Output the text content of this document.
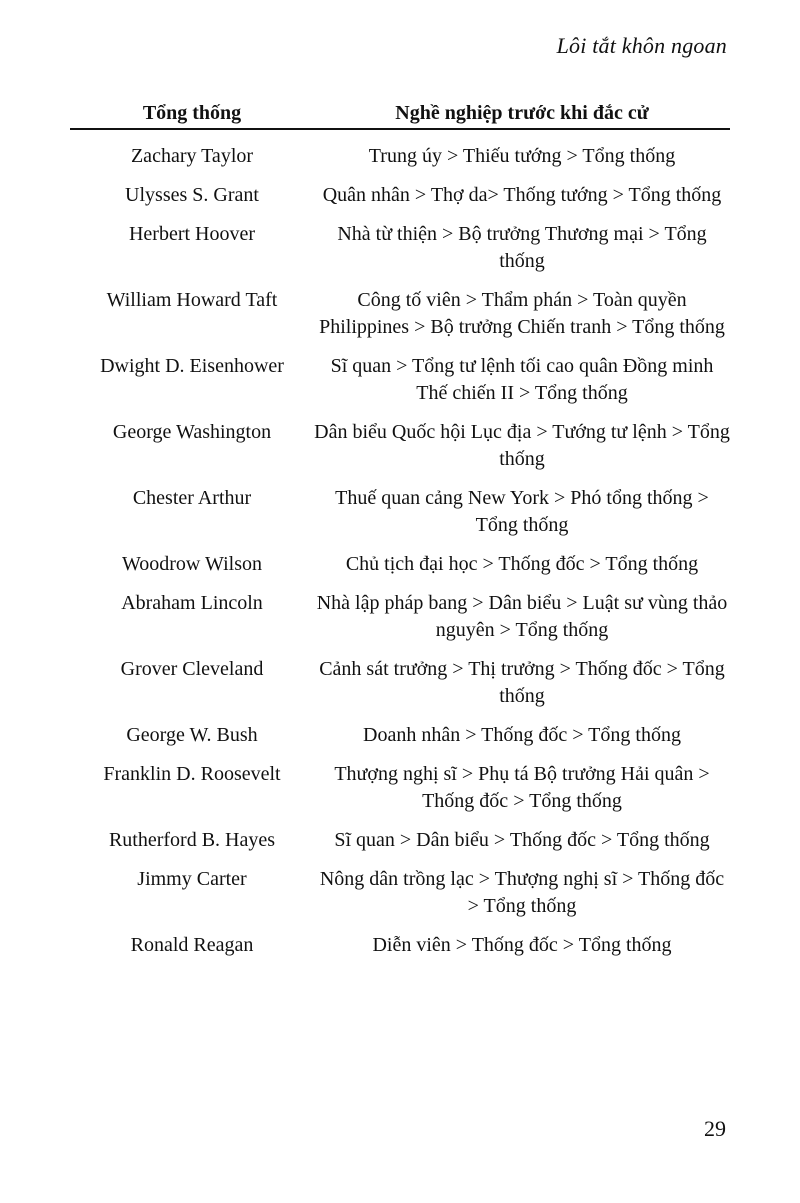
Lôi tắt khôn ngoan
Tổng thống	Nghề nghiệp trước khi đắc cử
Zachary Taylor	Trung úy > Thiếu tướng > Tổng thống
Ulysses S. Grant	Quân nhân > Thợ da> Thống tướng > Tổng thống
Herbert Hoover	Nhà từ thiện > Bộ trưởng Thương mại > Tổng thống
William Howard Taft	Công tố viên > Thẩm phán > Toàn quyền Philippines > Bộ trưởng Chiến tranh > Tổng thống
Dwight D. Eisenhower	Sĩ quan > Tổng tư lệnh tối cao quân Đồng minh Thế chiến II > Tổng thống
George Washington	Dân biểu Quốc hội Lục địa > Tướng tư lệnh > Tổng thống
Chester Arthur	Thuế quan cảng New York > Phó tổng thống > Tổng thống
Woodrow Wilson	Chủ tịch đại học > Thống đốc > Tổng thống
Abraham Lincoln	Nhà lập pháp bang > Dân biểu > Luật sư vùng thảo nguyên > Tổng thống
Grover Cleveland	Cảnh sát trưởng > Thị trưởng > Thống đốc > Tổng thống
George W. Bush	Doanh nhân > Thống đốc > Tổng thống
Franklin D. Roosevelt	Thượng nghị sĩ > Phụ tá Bộ trưởng Hải quân > Thống đốc > Tổng thống
Rutherford B. Hayes	Sĩ quan > Dân biểu > Thống đốc > Tổng thống
Jimmy Carter	Nông dân trồng lạc > Thượng nghị sĩ > Thống đốc > Tổng thống
Ronald Reagan	Diễn viên > Thống đốc > Tổng thống
29
